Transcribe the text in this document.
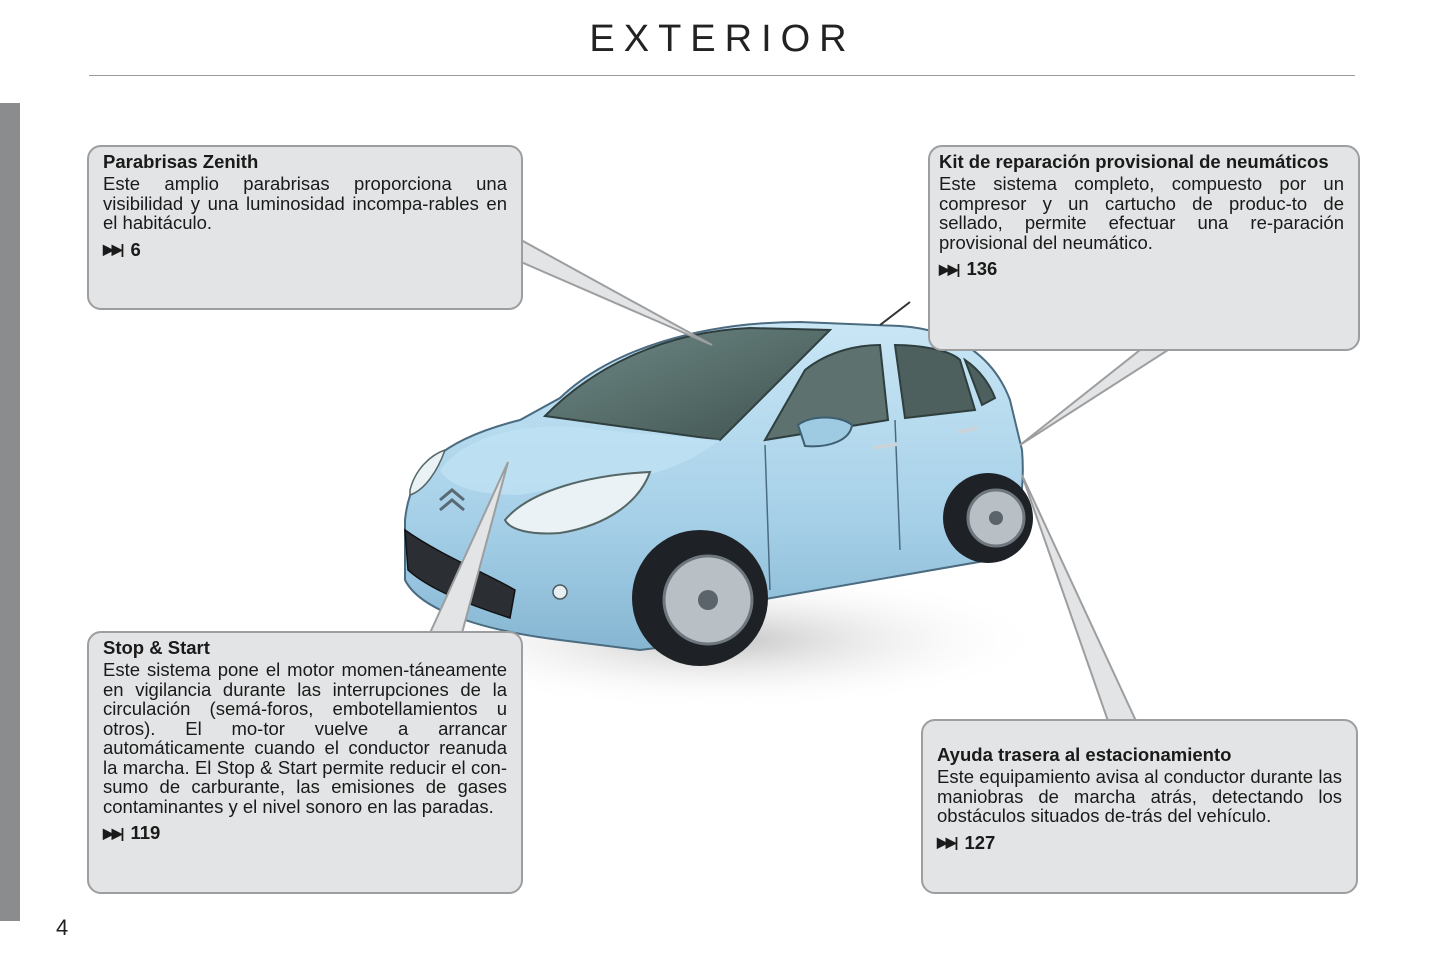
EXTERIOR
Parabrisas Zenith

Este amplio parabrisas proporciona una visibilidad y una luminosidad incompa-rables en el habitáculo.

▶▶| 6
Kit de reparación provisional de neumáticos

Este sistema completo, compuesto por un compresor y un cartucho de produc-to de sellado, permite efectuar una re-paración provisional del neumático.

▶▶| 136
Stop & Start

Este sistema pone el motor momen-táneamente en vigilancia durante las interrupciones de la circulación (semá-foros, embotellamientos u otros). El mo-tor vuelve a arrancar automáticamente cuando el conductor reanuda la marcha. El Stop & Start permite reducir el con-sumo de carburante, las emisiones de gases contaminantes y el nivel sonoro en las paradas.

▶▶| 119
Ayuda trasera al estacionamiento

Este equipamiento avisa al conductor durante las maniobras de marcha atrás, detectando los obstáculos situados de-trás del vehículo.

▶▶| 127
4
